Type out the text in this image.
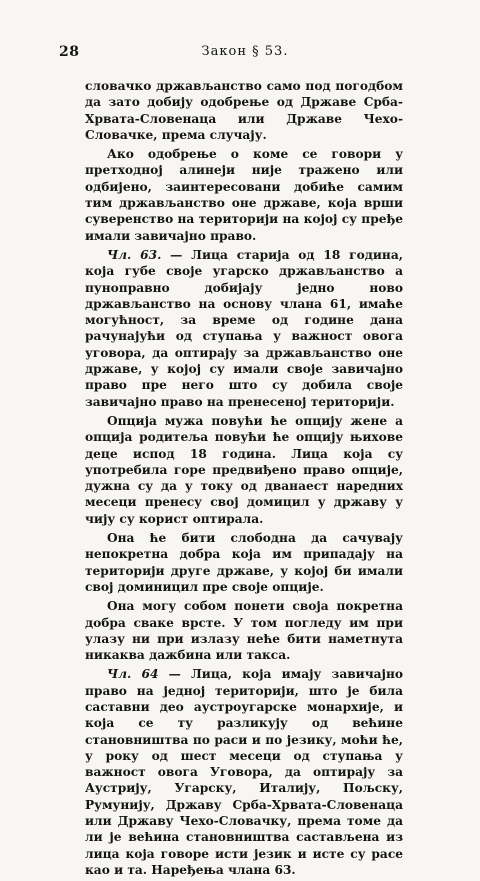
28	Закон § 53.

словачко држављанство само под погодбом да зато добију одобрење од Државе Срба-Хрвата-Словенаца или Државе Чехо-Словачке, према случају.

Ако одобрење о коме се говори у претходној алинеји није тражено или одбијено, заинтересовани добиће самим тим држављанство оне државе, која врши суверенство на територији на којој су пређе имали завичајно право.

Чл. 63. — Лица старија од 18 година, која губе своје угарско држављанство а пуноправно добијају једно ново држављанство на основу члана 61, имаће могућност, за време од године дана рачунајући од ступања у важност овога уговора, да оптирају за држављанство оне државе, у којој су имали своје завичајно право пре него што су добила своје завичајно право на пренесеној територији.

Опција мужа повући ће опцију жене а опција родитеља повући ће опцију њихове деце испод 18 година. Лица која су употребила горе предвиђено право опције, дужна су да у току од дванаест наредних месеци пренесу свој домицил у државу у чију су корист оптирала.

Она ће бити слободна да сачувају непокретна добра која им припадају на територији друге државе, у којој би имали свој доминицил пре своје опције.

Она могу собом понети своја покретна добра сваке врсте. У том погледу им при улазу ни при излазу неће бити наметнута никаква дажбина или такса.

Чл. 64 — Лица, која имају завичајно право на једној територији, што је била саставни део аустроугарске монархије, и која се ту разликују од већине становништва по раси и по језику, моћи ће, у року од шест месеци од ступања у важност овога Уговора, да оптирају за Аустрију, Угарску, Италију, Пољску, Румунију, Државу Срба-Хрвата-Словенаца или Државу Чехо-Словачку, према томе да ли је већина становништва састављена из лица која говоре исти језик и исте су расе као и та. Наређења члана 63.
